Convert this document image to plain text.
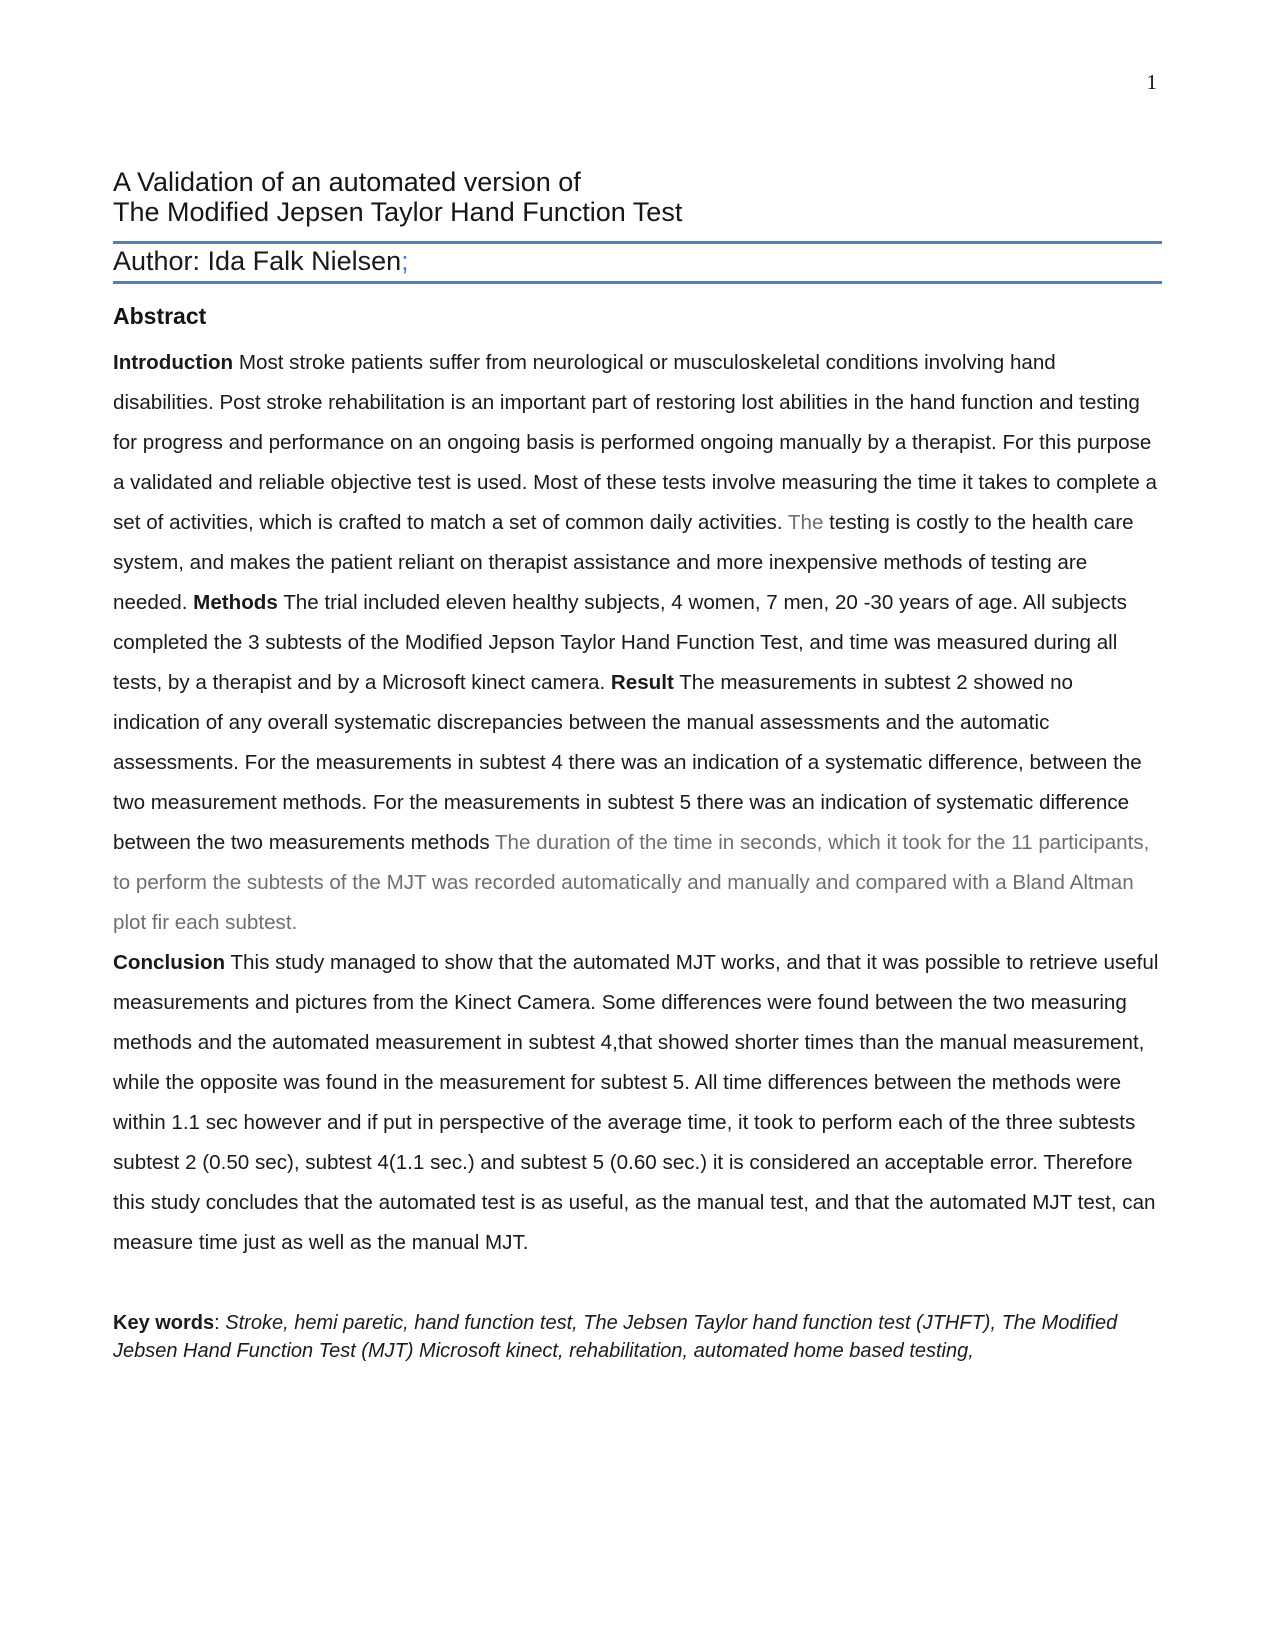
1
A Validation of an automated version of
The Modified Jepsen Taylor Hand Function Test
Author: Ida Falk Nielsen;
Abstract

Introduction Most stroke patients suffer from neurological or musculoskeletal conditions involving hand disabilities. Post stroke rehabilitation is an important part of restoring lost abilities in the hand function and testing for progress and performance on an ongoing basis is performed ongoing manually by a therapist. For this purpose a validated and reliable objective test is used. Most of these tests involve measuring the time it takes to complete a set of activities, which is crafted to match a set of common daily activities. The testing is costly to the health care system, and makes the patient reliant on therapist assistance and more inexpensive methods of testing are needed. Methods The trial included eleven healthy subjects, 4 women, 7 men, 20 -30 years of age. All subjects completed the 3 subtests of the Modified Jepson Taylor Hand Function Test, and time was measured during all tests, by a therapist and by a Microsoft kinect camera. Result The measurements in subtest 2 showed no indication of any overall systematic discrepancies between the manual assessments and the automatic assessments. For the measurements in subtest 4 there was an indication of a systematic difference, between the two measurement methods. For the measurements in subtest 5 there was an indication of systematic difference between the two measurements methods The duration of the time in seconds, which it took for the 11 participants, to perform the subtests of the MJT was recorded automatically and manually and compared with a Bland Altman plot fir each subtest.

Conclusion This study managed to show that the automated MJT works, and that it was possible to retrieve useful measurements and pictures from the Kinect Camera. Some differences were found between the two measuring methods and the automated measurement in subtest 4,that showed shorter times than the manual measurement, while the opposite was found in the measurement for subtest 5. All time differences between the methods were within 1.1 sec however and if put in perspective of the average time, it took to perform each of the three subtests subtest 2 (0.50 sec), subtest 4(1.1 sec.) and subtest 5 (0.60 sec.) it is considered an acceptable error. Therefore this study concludes that the automated test is as useful, as the manual test, and that the automated MJT test, can measure time just as well as the manual MJT.

Key words: Stroke, hemi paretic, hand function test, The Jebsen Taylor hand function test (JTHFT), The Modified Jebsen Hand Function Test (MJT) Microsoft kinect, rehabilitation, automated home based testing,
